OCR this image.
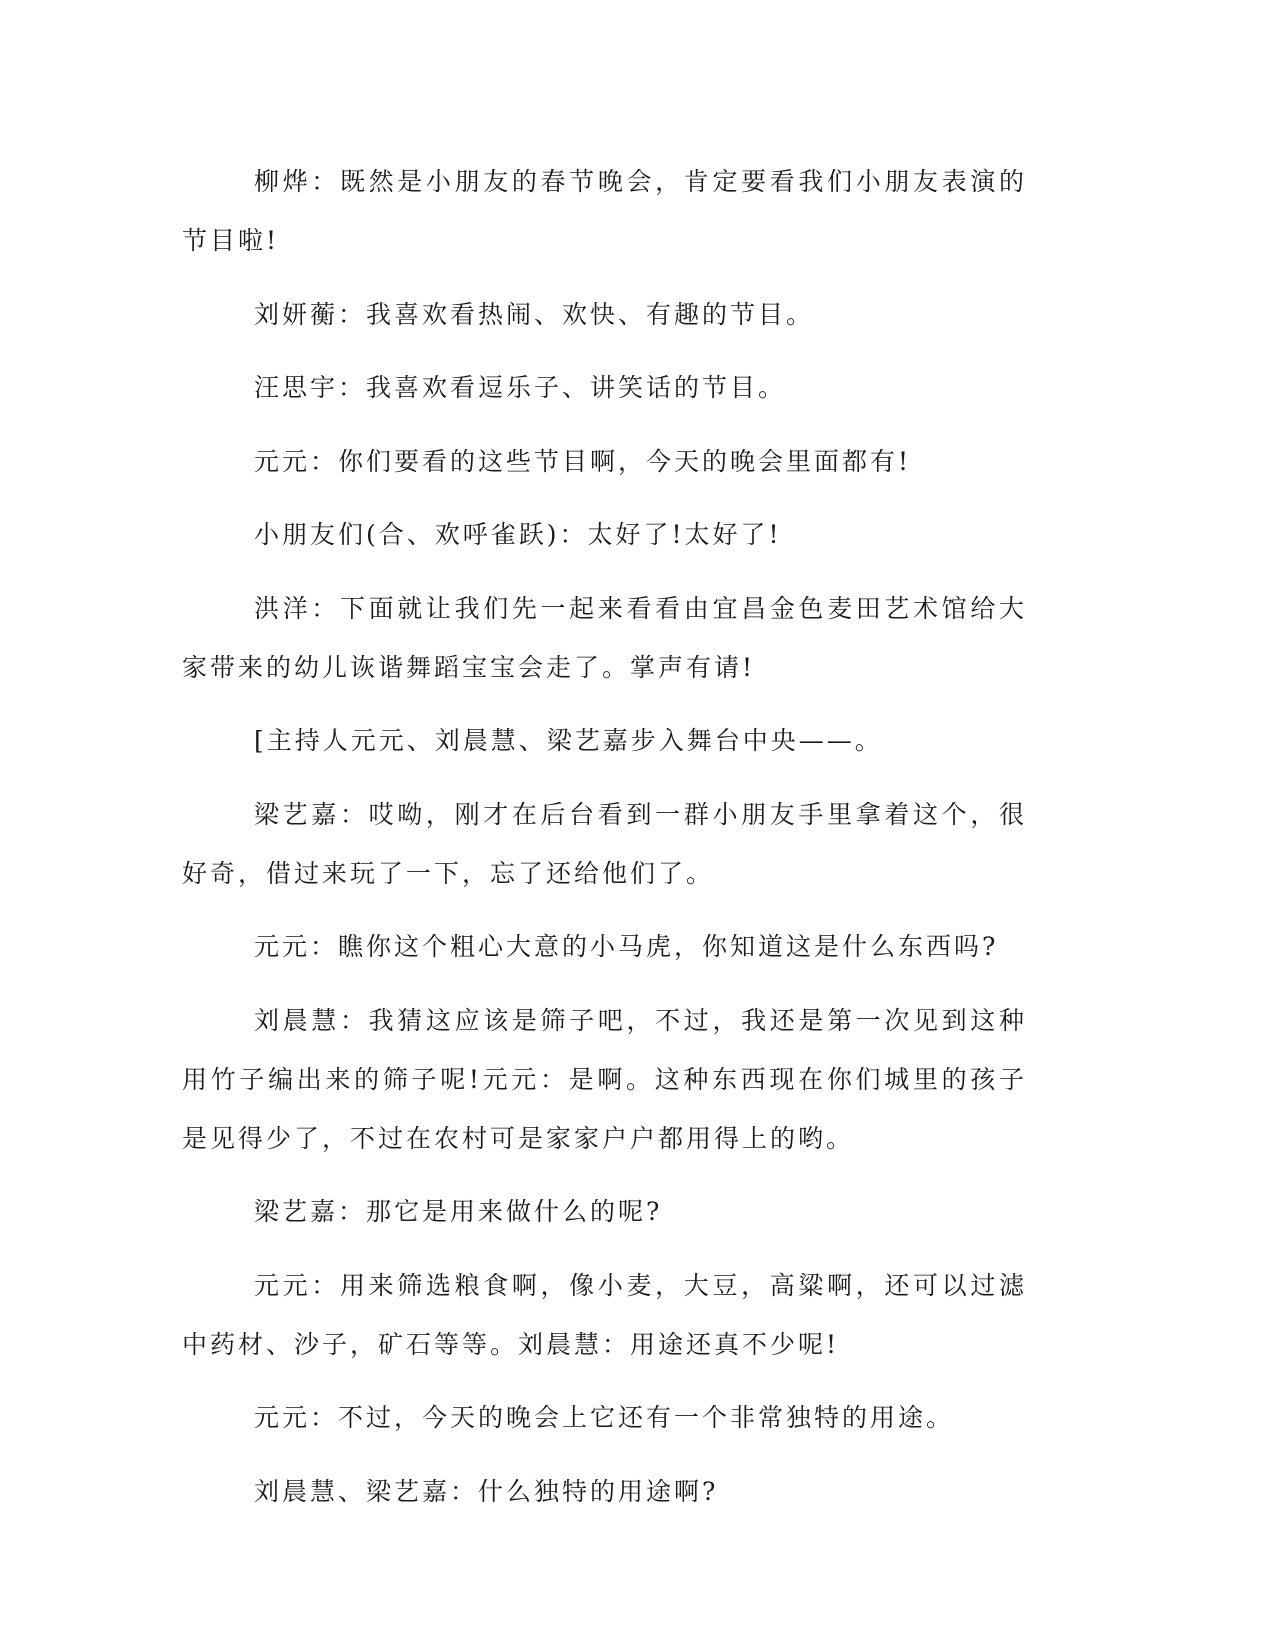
柳烨：既然是小朋友的春节晚会，肯定要看我们小朋友表演的节目啦!

刘妍蘅：我喜欢看热闹、欢快、有趣的节目。

汪思宇：我喜欢看逗乐子、讲笑话的节目。

元元：你们要看的这些节目啊，今天的晚会里面都有!

小朋友们(合、欢呼雀跃)：太好了!太好了!

洪洋：下面就让我们先一起来看看由宜昌金色麦田艺术馆给大家带来的幼儿诙谐舞蹈宝宝会走了。掌声有请!

[主持人元元、刘晨慧、梁艺嘉步入舞台中央——。

梁艺嘉：哎呦，刚才在后台看到一群小朋友手里拿着这个，很好奇，借过来玩了一下，忘了还给他们了。

元元：瞧你这个粗心大意的小马虎，你知道这是什么东西吗?

刘晨慧：我猜这应该是筛子吧，不过，我还是第一次见到这种用竹子编出来的筛子呢!元元：是啊。这种东西现在你们城里的孩子是见得少了，不过在农村可是家家户户都用得上的哟。

梁艺嘉：那它是用来做什么的呢?

元元：用来筛选粮食啊，像小麦，大豆，高粱啊，还可以过滤中药材、沙子，矿石等等。刘晨慧：用途还真不少呢!

元元：不过，今天的晚会上它还有一个非常独特的用途。

刘晨慧、梁艺嘉：什么独特的用途啊?
